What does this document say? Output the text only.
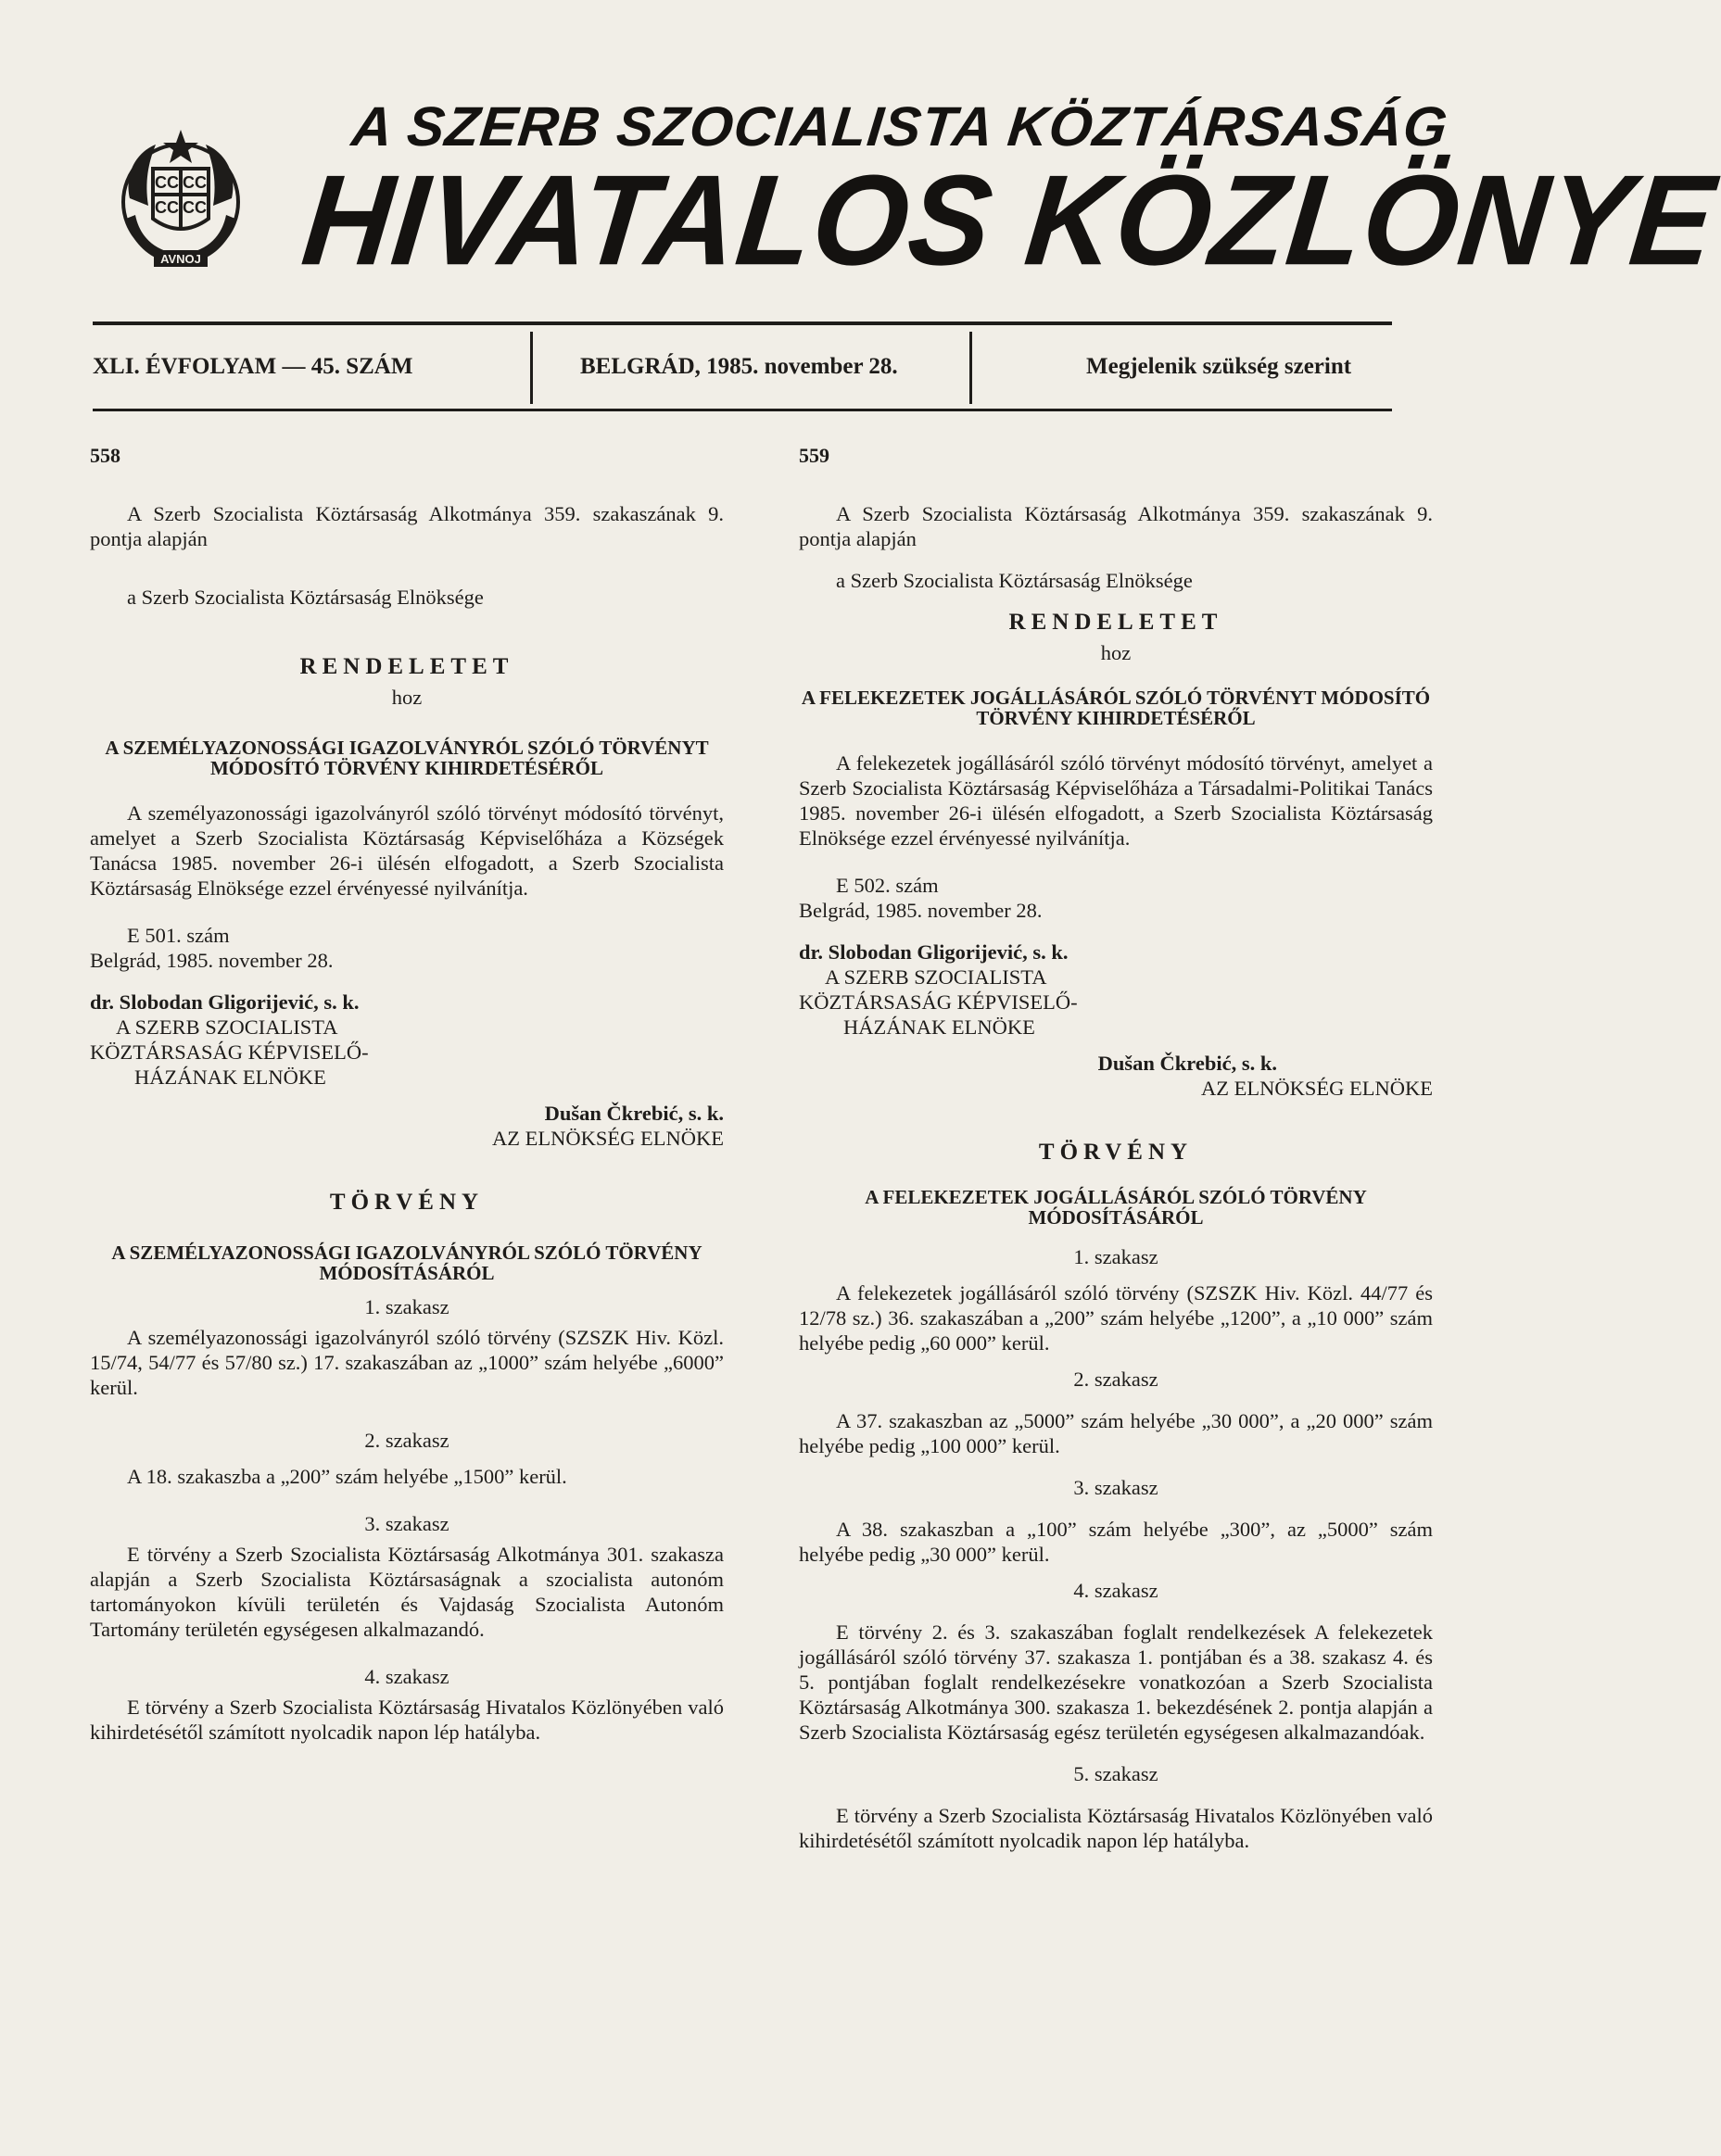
CC CC
CC CC
AVNOJ
A SZERB SZOCIALISTA KÖZTÁRSASÁG
HIVATALOS KÖZLÖNYE
XLI. ÉVFOLYAM — 45. SZÁM	BELGRÁD, 1985. november 28.	Megjelenik szükség szerint

558

A Szerb Szocialista Köztársaság Alkotmánya 359. szakaszának 9. pontja alapján

a Szerb Szocialista Köztársaság Elnöksége

RENDELETET

hoz

A SZEMÉLYAZONOSSÁGI IGAZOLVÁNYRÓL SZÓLÓ TÖRVÉNYT MÓDOSÍTÓ TÖRVÉNY KIHIRDETÉSÉRŐL

A személyazonossági igazolványról szóló törvényt módosító törvényt, amelyet a Szerb Szocialista Köztársaság Képviselőháza a Községek Tanácsa 1985. november 26-i ülésén elfogadott, a Szerb Szocialista Köztársaság Elnöksége ezzel érvényessé nyilvánítja.

E 501. szám

Belgrád, 1985. november 28.

dr. Slobodan Gligorijević, s. k.

A SZERB SZOCIALISTA

KÖZTÁRSASÁG KÉPVISELŐ-

HÁZÁNAK ELNÖKE

Dušan Čkrebić, s. k.

AZ ELNÖKSÉG ELNÖKE

TÖRVÉNY

A SZEMÉLYAZONOSSÁGI IGAZOLVÁNYRÓL SZÓLÓ TÖRVÉNY MÓDOSÍTÁSÁRÓL

1. szakasz

A személyazonossági igazolványról szóló törvény (SZSZK Hiv. Közl. 15/74, 54/77 és 57/80 sz.) 17. szakaszában az „1000” szám helyébe „6000” kerül.

2. szakasz

A 18. szakaszba a „200” szám helyébe „1500” kerül.

3. szakasz

E törvény a Szerb Szocialista Köztársaság Alkotmánya 301. szakasza alapján a Szerb Szocialista Köztársaságnak a szocialista autonóm tartományokon kívüli területén és Vajdaság Szocialista Autonóm Tartomány területén egységesen alkalmazandó.

4. szakasz

E törvény a Szerb Szocialista Köztársaság Hivatalos Közlönyében való kihirdetésétől számított nyolcadik napon lép hatályba.

559

A Szerb Szocialista Köztársaság Alkotmánya 359. szakaszának 9. pontja alapján

a Szerb Szocialista Köztársaság Elnöksége

RENDELETET

hoz

A FELEKEZETEK JOGÁLLÁSÁRÓL SZÓLÓ TÖRVÉNYT MÓDOSÍTÓ TÖRVÉNY KIHIRDETÉSÉRŐL

A felekezetek jogállásáról szóló törvényt módosító törvényt, amelyet a Szerb Szocialista Köztársaság Képviselőháza a Társadalmi-Politikai Tanács 1985. november 26-i ülésén elfogadott, a Szerb Szocialista Köztársaság Elnöksége ezzel érvényessé nyilvánítja.

E 502. szám

Belgrád, 1985. november 28.

dr. Slobodan Gligorijević, s. k.

A SZERB SZOCIALISTA

KÖZTÁRSASÁG KÉPVISELŐ-

HÁZÁNAK ELNÖKE

Dušan Čkrebić, s. k.

AZ ELNÖKSÉG ELNÖKE

TÖRVÉNY

A FELEKEZETEK JOGÁLLÁSÁRÓL SZÓLÓ TÖRVÉNY MÓDOSÍTÁSÁRÓL

1. szakasz

A felekezetek jogállásáról szóló törvény (SZSZK Hiv. Közl. 44/77 és 12/78 sz.) 36. szakaszában a „200” szám helyébe „1200”, a „10 000” szám helyébe pedig „60 000” kerül.

2. szakasz

A 37. szakaszban az „5000” szám helyébe „30 000”, a „20 000” szám helyébe pedig „100 000” kerül.

3. szakasz

A 38. szakaszban a „100” szám helyébe „300”, az „5000” szám helyébe pedig „30 000” kerül.

4. szakasz

E törvény 2. és 3. szakaszában foglalt rendelkezések A felekezetek jogállásáról szóló törvény 37. szakasza 1. pontjában és a 38. szakasz 4. és 5. pontjában foglalt rendelkezésekre vonatkozóan a Szerb Szocialista Köztársaság Alkotmánya 300. szakasza 1. bekezdésének 2. pontja alapján a Szerb Szocialista Köztársaság egész területén egységesen alkalmazandóak.

5. szakasz

E törvény a Szerb Szocialista Köztársaság Hivatalos Közlönyében való kihirdetésétől számított nyolcadik napon lép hatályba.
